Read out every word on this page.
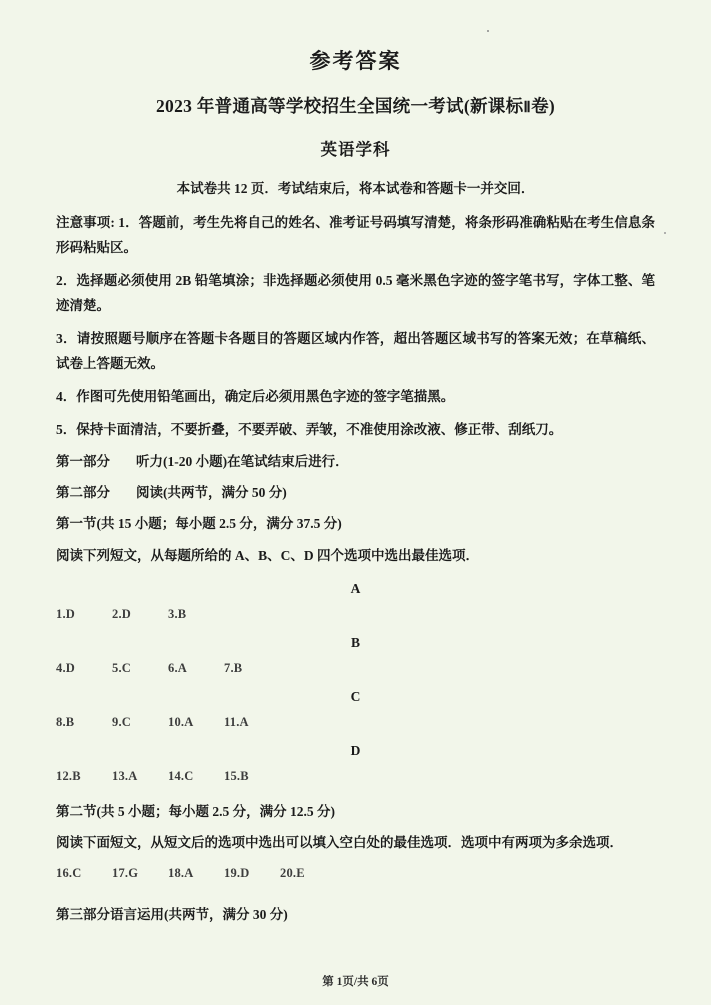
参考答案
2023 年普通高等学校招生全国统一考试(新课标Ⅱ卷)
英语学科
本试卷共 12 页．考试结束后，将本试卷和答题卡一并交回．
注意事项: 1．答题前，考生先将自己的姓名、准考证号码填写清楚，将条形码准确粘贴在考生信息条形码粘贴区。
2．选择题必须使用 2B 铅笔填涂；非选择题必须使用 0.5 毫米黑色字迹的签字笔书写，字体工整、笔迹清楚。
3．请按照题号顺序在答题卡各题目的答题区域内作答，超出答题区域书写的答案无效；在草稿纸、试卷上答题无效。
4．作图可先使用铅笔画出，确定后必须用黑色字迹的签字笔描黑。
5．保持卡面清洁，不要折叠，不要弄破、弄皱，不准使用涂改液、修正带、刮纸刀。
第一部分 听力(1-20 小题)在笔试结束后进行．
第二部分 阅读(共两节，满分 50 分)
第一节(共 15 小题；每小题 2.5 分，满分 37.5 分)
阅读下列短文，从每题所给的 A、B、C、D 四个选项中选出最佳选项．
A
1.D	2.D	3.B
B
4.D	5.C	6.A	7.B
C
8.B	9.C	10.A 11.A
D
12.B 13.A 14.C 15.B
第二节(共 5 小题；每小题 2.5 分，满分 12.5 分)
阅读下面短文，从短文后的选项中选出可以填入空白处的最佳选项．选项中有两项为多余选项．
16.C 17.G 18.A 19.D 20.E
第三部分语言运用(共两节，满分 30 分)
第 1页/共 6页
